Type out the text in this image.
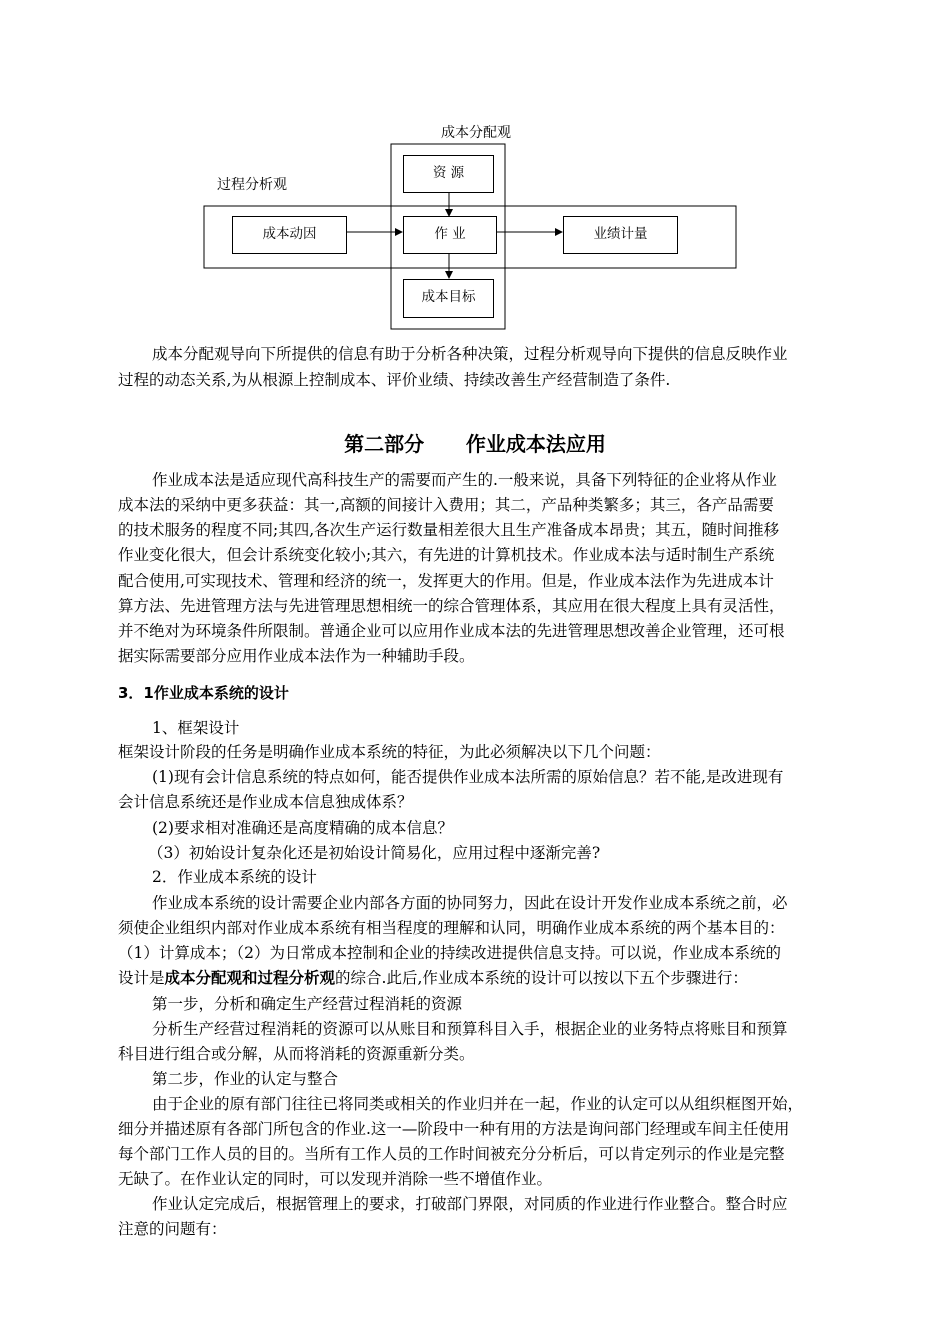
成本分配观
过程分析观
资 源
成本动因	作 业	业绩计量
成本目标
成本分配观导向下所提供的信息有助于分析各种决策，过程分析观导向下提供的信息反映作业
过程的动态关系,为从根源上控制成本、评价业绩、持续改善生产经营制造了条件.
第二部分      作业成本法应用
作业成本法是适应现代高科技生产的需要而产生的.一般来说，具备下列特征的企业将从作业
成本法的采纳中更多获益：其一,高额的间接计入费用；其二，产品种类繁多；其三，各产品需要
的技术服务的程度不同;其四,各次生产运行数量相差很大且生产准备成本昂贵；其五，随时间推移
作业变化很大，但会计系统变化较小;其六，有先进的计算机技术。作业成本法与适时制生产系统
配合使用,可实现技术、管理和经济的统一，发挥更大的作用。但是，作业成本法作为先进成本计
算方法、先进管理方法与先进管理思想相统一的综合管理体系，其应用在很大程度上具有灵活性，
并不绝对为环境条件所限制。普通企业可以应用作业成本法的先进管理思想改善企业管理，还可根
据实际需要部分应用作业成本法作为一种辅助手段。
3．1作业成本系统的设计
1、框架设计
框架设计阶段的任务是明确作业成本系统的特征，为此必须解决以下几个问题：
(1)现有会计信息系统的特点如何，能否提供作业成本法所需的原始信息？若不能,是改进现有
会计信息系统还是作业成本信息独成体系？
(2)要求相对准确还是高度精确的成本信息？
（3）初始设计复杂化还是初始设计简易化，应用过程中逐渐完善?
2．作业成本系统的设计
作业成本系统的设计需要企业内部各方面的协同努力，因此在设计开发作业成本系统之前，必
须使企业组织内部对作业成本系统有相当程度的理解和认同，明确作业成本系统的两个基本目的：
（1）计算成本；（2）为日常成本控制和企业的持续改进提供信息支持。可以说，作业成本系统的
设计是成本分配观和过程分析观的综合.此后,作业成本系统的设计可以按以下五个步骤进行：
第一步，分析和确定生产经营过程消耗的资源
分析生产经营过程消耗的资源可以从账目和预算科目入手，根据企业的业务特点将账目和预算
科目进行组合或分解，从而将消耗的资源重新分类。
第二步，作业的认定与整合
由于企业的原有部门往往已将同类或相关的作业归并在一起，作业的认定可以从组织框图开始，
细分并描述原有各部门所包含的作业.这一—阶段中一种有用的方法是询问部门经理或车间主任使用
每个部门工作人员的目的。当所有工作人员的工作时间被充分分析后，可以肯定列示的作业是完整
无缺了。在作业认定的同时，可以发现并消除一些不增值作业。
作业认定完成后，根据管理上的要求，打破部门界限，对同质的作业进行作业整合。整合时应
注意的问题有：
